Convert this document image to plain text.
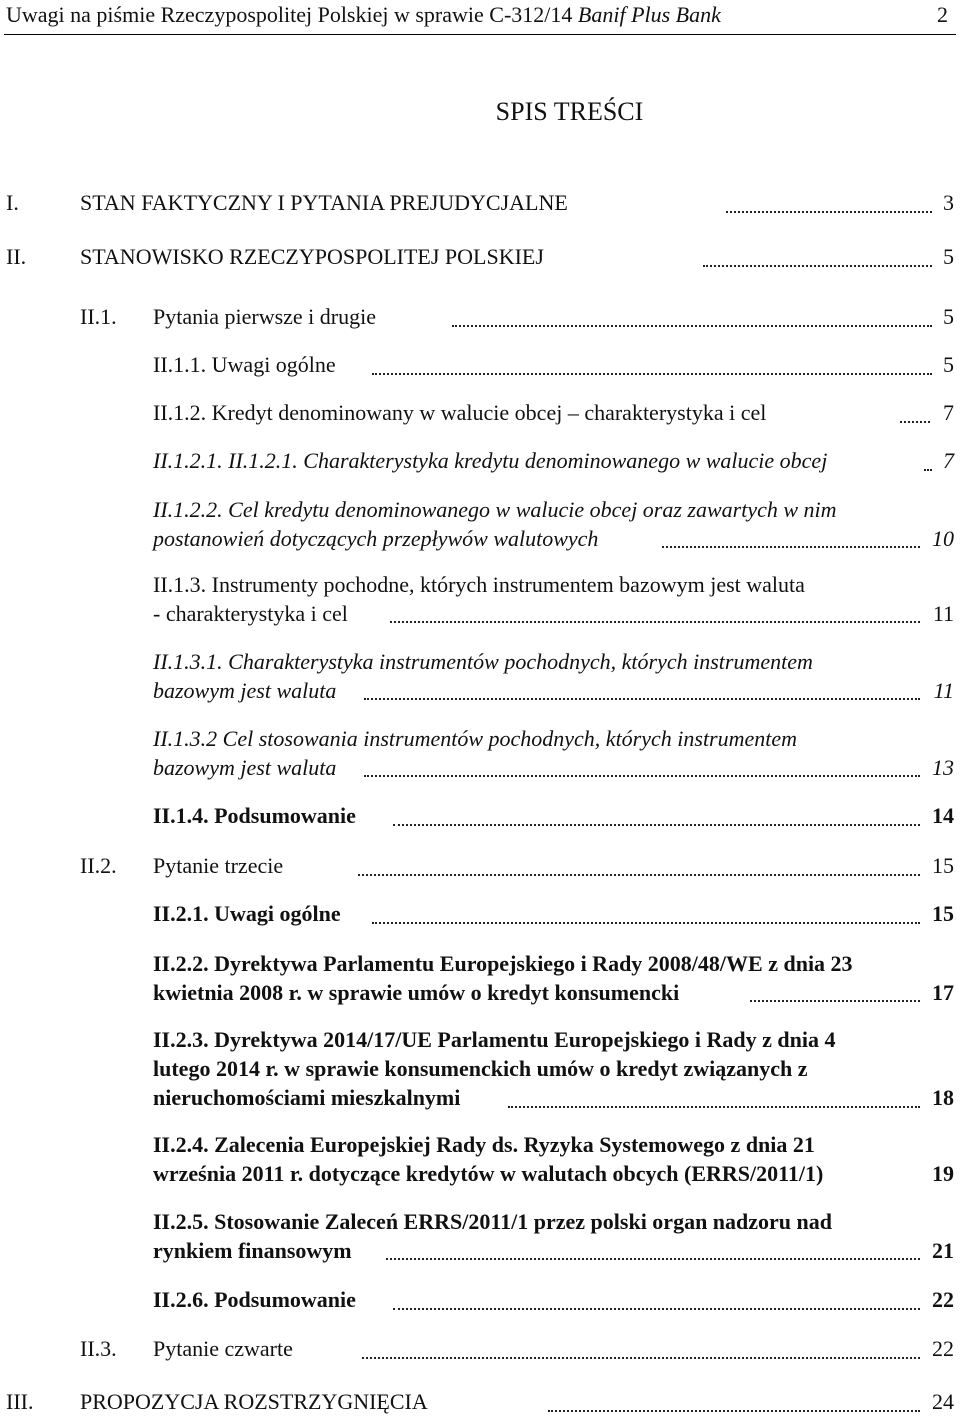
Uwagi na piśmie Rzeczypospolitej Polskiej w sprawie C-312/14 Banif Plus Bank	2
SPIS TREŚCI
I.	STAN FAKTYCZNY I PYTANIA PREJUDYCJALNE	3
II. STANOWISKO RZECZYPOSPOLITEJ POLSKIEJ	5
II.1. Pytania pierwsze i drugie	5
II.1.1. Uwagi ogólne	5
II.1.2. Kredyt denominowany w walucie obcej – charakterystyka i cel	7
II.1.2.1. II.1.2.1. Charakterystyka kredytu denominowanego w walucie obcej	7
II.1.2.2. Cel kredytu denominowanego w walucie obcej oraz zawartych w nim
postanowień dotyczących przepływów walutowych	10
II.1.3. Instrumenty pochodne, których instrumentem bazowym jest waluta
- charakterystyka i cel	11
II.1.3.1. Charakterystyka instrumentów pochodnych, których instrumentem
bazowym jest waluta	11
II.1.3.2 Cel stosowania instrumentów pochodnych, których instrumentem
bazowym jest waluta	13
II.1.4. Podsumowanie	14
II.2. Pytanie trzecie	15
II.2.1. Uwagi ogólne	15
II.2.2. Dyrektywa Parlamentu Europejskiego i Rady 2008/48/WE z dnia 23
kwietnia 2008 r. w sprawie umów o kredyt konsumencki	17
II.2.3. Dyrektywa 2014/17/UE Parlamentu Europejskiego i Rady z dnia 4
lutego 2014 r. w sprawie konsumenckich umów o kredyt związanych z
nieruchomościami mieszkalnymi	18
II.2.4. Zalecenia Europejskiej Rady ds. Ryzyka Systemowego z dnia 21
września 2011 r. dotyczące kredytów w walutach obcych (ERRS/2011/1)	19
II.2.5. Stosowanie Zaleceń ERRS/2011/1 przez polski organ nadzoru nad
rynkiem finansowym	21
II.2.6. Podsumowanie	22
II.3. Pytanie czwarte	22
III. PROPOZYCJA ROZSTRZYGNIĘCIA	24
